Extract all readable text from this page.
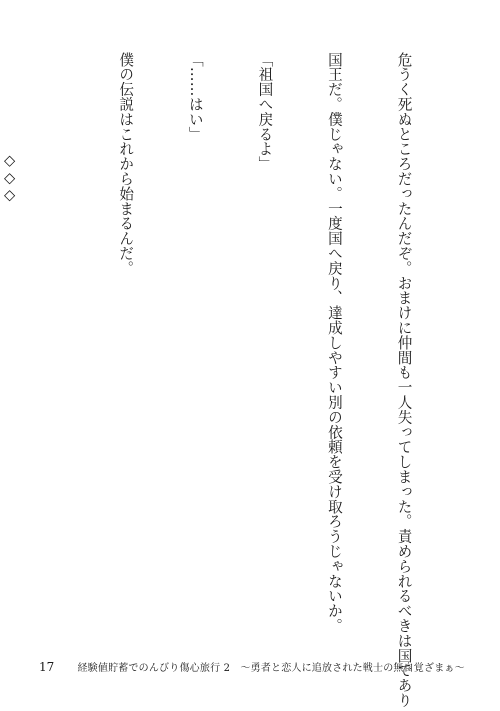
危うく死ぬところだったんだぞ。おまけに仲間も一人失ってしまった。責められるべきは国であり

国王だ。僕じゃない。一度国へ戻り、達成しやすい別の依頼を受け取ろうじゃないか。

「祖国へ戻るよ」

「……はい」

僕の伝説はこれから始まるんだ。

◇◇◇

17 経験値貯蓄でのんびり傷心旅行 2　～勇者と恋人に追放された戦士の無自覚ざまぁ～
